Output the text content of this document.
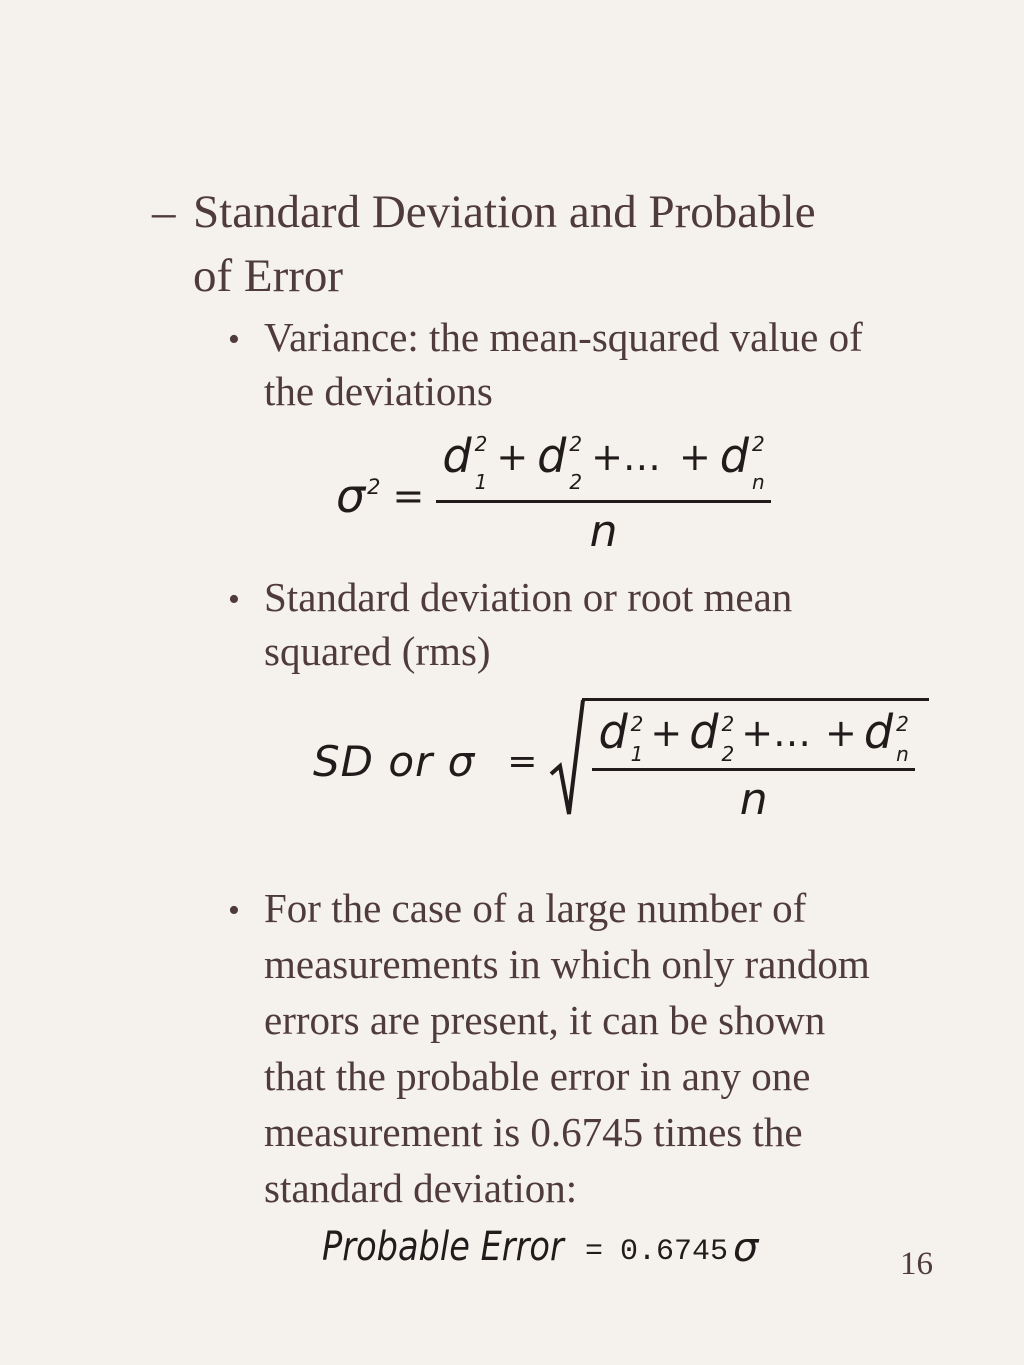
– Standard Deviation and Probable
of Error
• Variance: the mean-squared value of
the deviations
$\sigma^2 = d$ 2
1
+ d 2
2
+… + d 2
n
n
• Standard deviation or root mean
squared (rms)
SD or σ =
d 2
1 + d 2
2 +… + d 2
n
n
• For the case of a large number of
measurements in which only random
errors are present, it can be shown
that the probable error in any one
measurement is 0.6745 times the
standard deviation:
Probable Error = 0.6745 σ	16
